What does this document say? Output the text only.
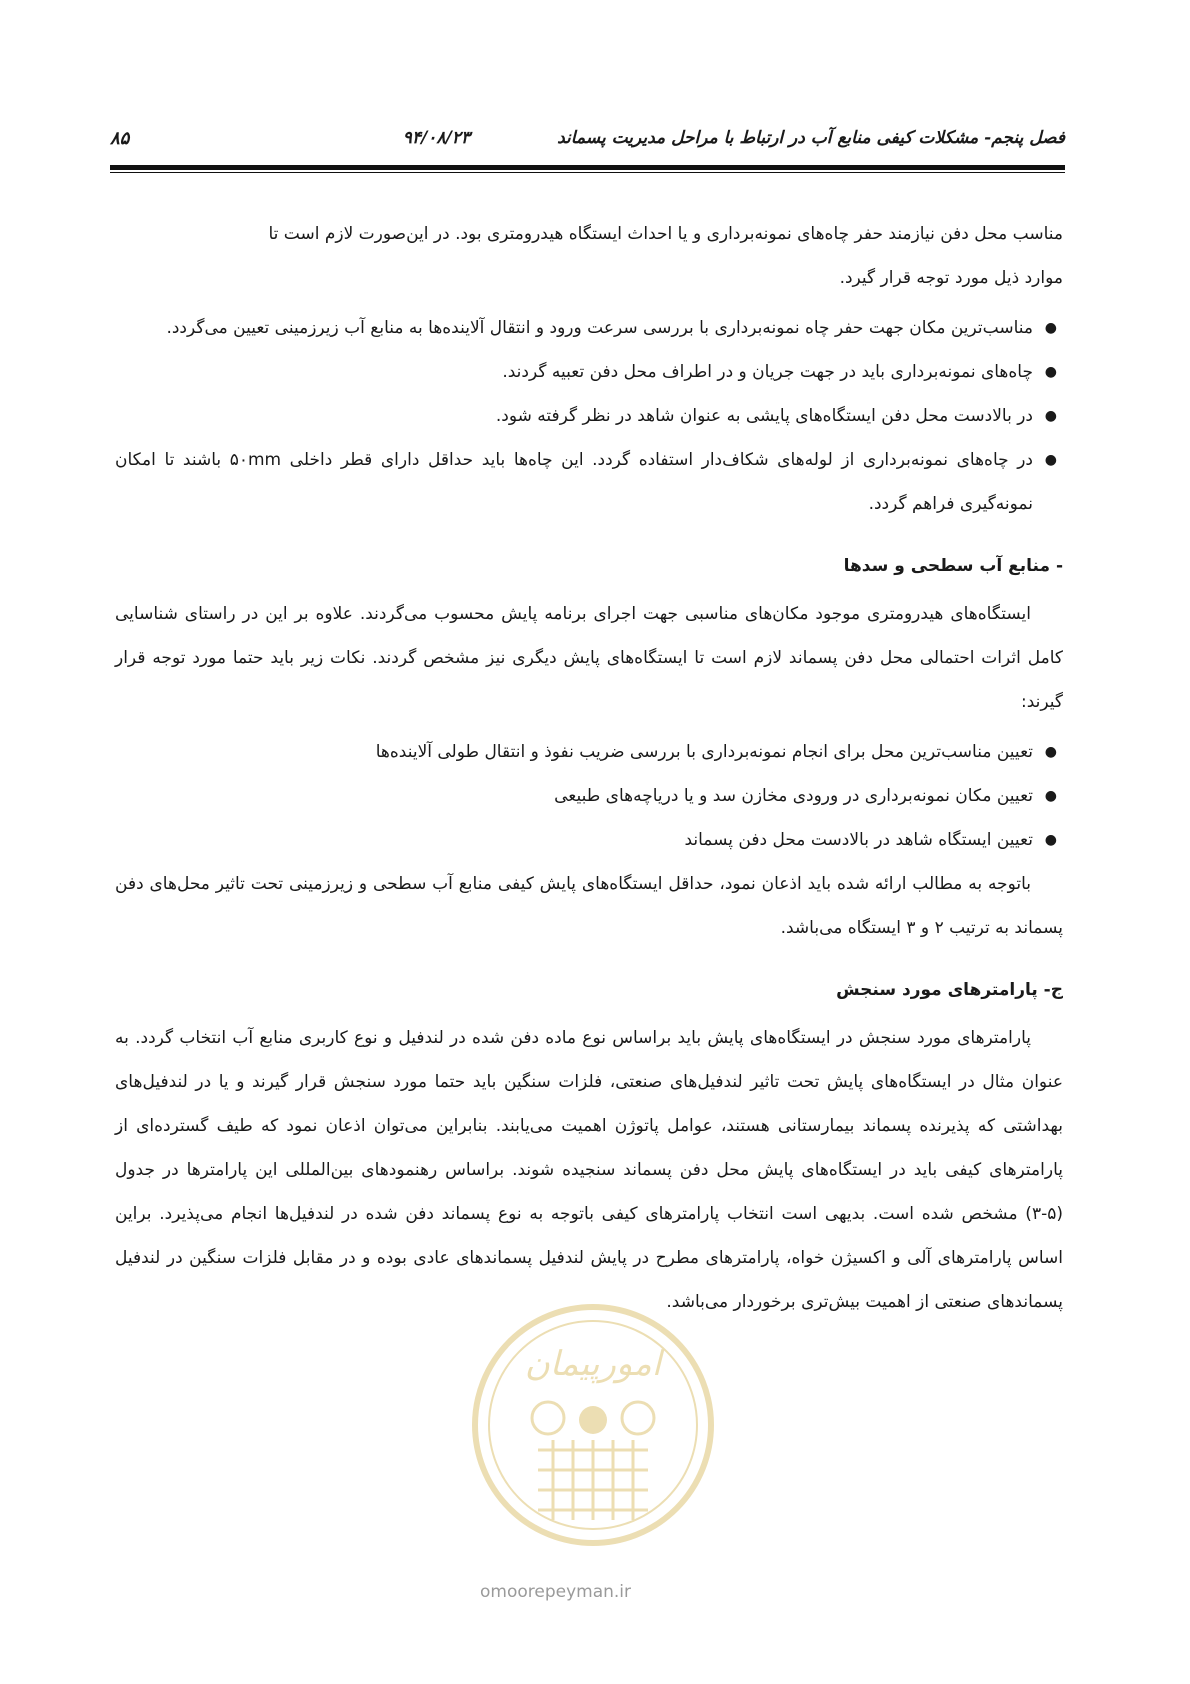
فصل پنجم- مشکلات کیفی منابع آب در ارتباط با مراحل مدیریت پسماند
۹۴/۰۸/۲۳
۸۵

مناسب محل دفن نیازمند حفر چاه‌های نمونه‌برداری و یا احداث ایستگاه هیدرومتری بود. در این‌صورت لازم است تا

موارد ذیل مورد توجه قرار گیرد.

●
مناسب‌ترین مکان جهت حفر چاه نمونه‌برداری با بررسی سرعت ورود و انتقال آلاینده‌ها به منابع آب زیرزمینی تعیین می‌گردد.
●
چاه‌های نمونه‌برداری باید در جهت جریان و در اطراف محل دفن تعبیه گردند.
●
در بالادست محل دفن ایستگاه‌های پایشی به عنوان شاهد در نظر گرفته شود.
●
در چاه‌های نمونه‌برداری از لوله‌های شکاف‌دار استفاده گردد. این چاه‌ها باید حداقل دارای قطر داخلی ۵۰mm باشند تا امکان نمونه‌گیری فراهم گردد.
- منابع آب سطحی و سدها

ایستگاه‌های هیدرومتری موجود مکان‌های مناسبی جهت اجرای برنامه پایش محسوب می‌گردند. علاوه بر این در راستای شناسایی کامل اثرات احتمالی محل دفن پسماند لازم است تا ایستگاه‌های پایش دیگری نیز مشخص گردند. نکات زیر باید حتما مورد توجه قرار گیرند:

●
تعیین مناسب‌ترین محل برای انجام نمونه‌برداری با بررسی ضریب نفوذ و انتقال طولی آلاینده‌ها
●
تعیین مکان نمونه‌برداری در ورودی مخازن سد و یا دریاچه‌های طبیعی
●
تعیین ایستگاه شاهد در بالادست محل دفن پسماند

باتوجه به مطالب ارائه شده باید اذعان نمود، حداقل ایستگاه‌های پایش کیفی منابع آب سطحی و زیرزمینی تحت تاثیر محل‌های دفن پسماند به ترتیب ۲ و ۳ ایستگاه می‌باشد.

ج- پارامترهای مورد سنجش

پارامترهای مورد سنجش در ایستگاه‌های پایش باید براساس نوع ماده دفن شده در لندفیل و نوع کاربری منابع آب انتخاب گردد. به عنوان مثال در ایستگاه‌های پایش تحت تاثیر لندفیل‌های صنعتی، فلزات سنگین باید حتما مورد سنجش قرار گیرند و یا در لندفیل‌های بهداشتی که پذیرنده پسماند بیمارستانی هستند، عوامل پاتوژن اهمیت می‌یابند. بنابراین می‌توان اذعان نمود که طیف گسترده‌ای از پارامترهای کیفی باید در ایستگاه‌های پایش محل دفن پسماند سنجیده شوند. براساس رهنمودهای بین‌المللی این پارامترها در جدول (۵-۳) مشخص شده است. بدیهی است انتخاب پارامترهای کیفی باتوجه به نوع پسماند دفن شده در لندفیل‌ها انجام می‌پذیرد. براین اساس پارامترهای آلی و اکسیژن خواه، پارامترهای مطرح در پایش لندفیل پسماندهای عادی بوده و در مقابل فلزات سنگین در لندفیل پسماندهای صنعتی از اهمیت بیش‌تری برخوردار می‌باشد.

امورپیمان
omoorepeyman.ir
